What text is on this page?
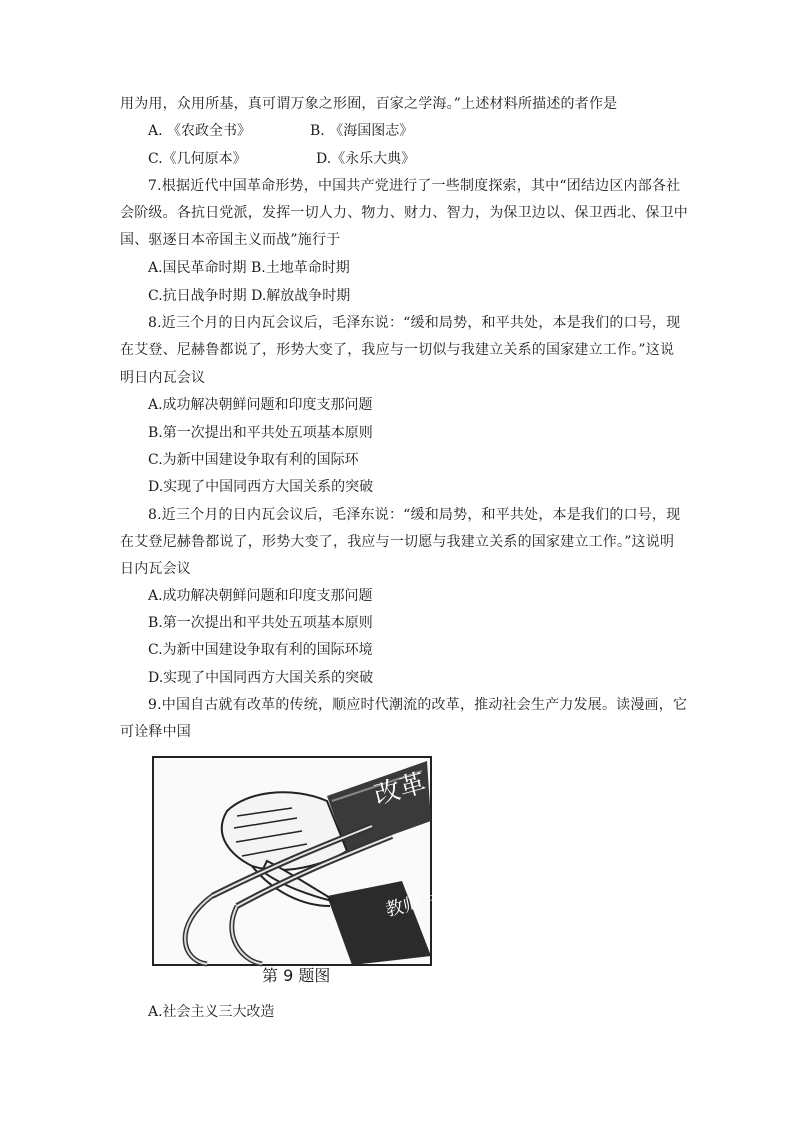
用为用，众用所基，真可谓万象之形囿，百家之学海。”上述材料所描述的者作是
A. 《农政全书》	B. 《海国图志》
C.《几何原本》	D.《永乐大典》
7.根据近代中国革命形势，中国共产党进行了一些制度探索，其中“团结边区内部各社
会阶级。各抗日党派，发挥一切人力、物力、财力、智力，为保卫边以、保卫西北、保卫中
国、驱逐日本帝国主义而战”施行于
A.国民革命时期 B.土地革命时期
C.抗日战争时期 D.解放战争时期
8.近三个月的日内瓦会议后，毛泽东说：“缓和局势，和平共处，本是我们的口号，现
在艾登、尼赫鲁都说了，形势大变了，我应与一切似与我建立关系的国家建立工作。”这说
明日内瓦会议
A.成功解决朝鲜问题和印度支那问题
B.第一次提出和平共处五项基本原则
C.为新中国建设争取有利的国际环
D.实现了中国同西方大国关系的突破
8.近三个月的日内瓦会议后，毛泽东说：“缓和局势，和平共处，本是我们的口号，现
在艾登尼赫鲁都说了，形势大变了，我应与一切愿与我建立关系的国家建立工作。”这说明
日内瓦会议
A.成功解决朝鲜问题和印度支那问题
B.第一次提出和平共处五项基本原则
C.为新中国建设争取有利的国际环境
D.实现了中国同西方大国关系的突破
9.中国自古就有改革的传统，顺应时代潮流的改革，推动社会生产力发展。读漫画，它
可诠释中国
改革
教师 书为
第 9 题图
A.社会主义三大改造
